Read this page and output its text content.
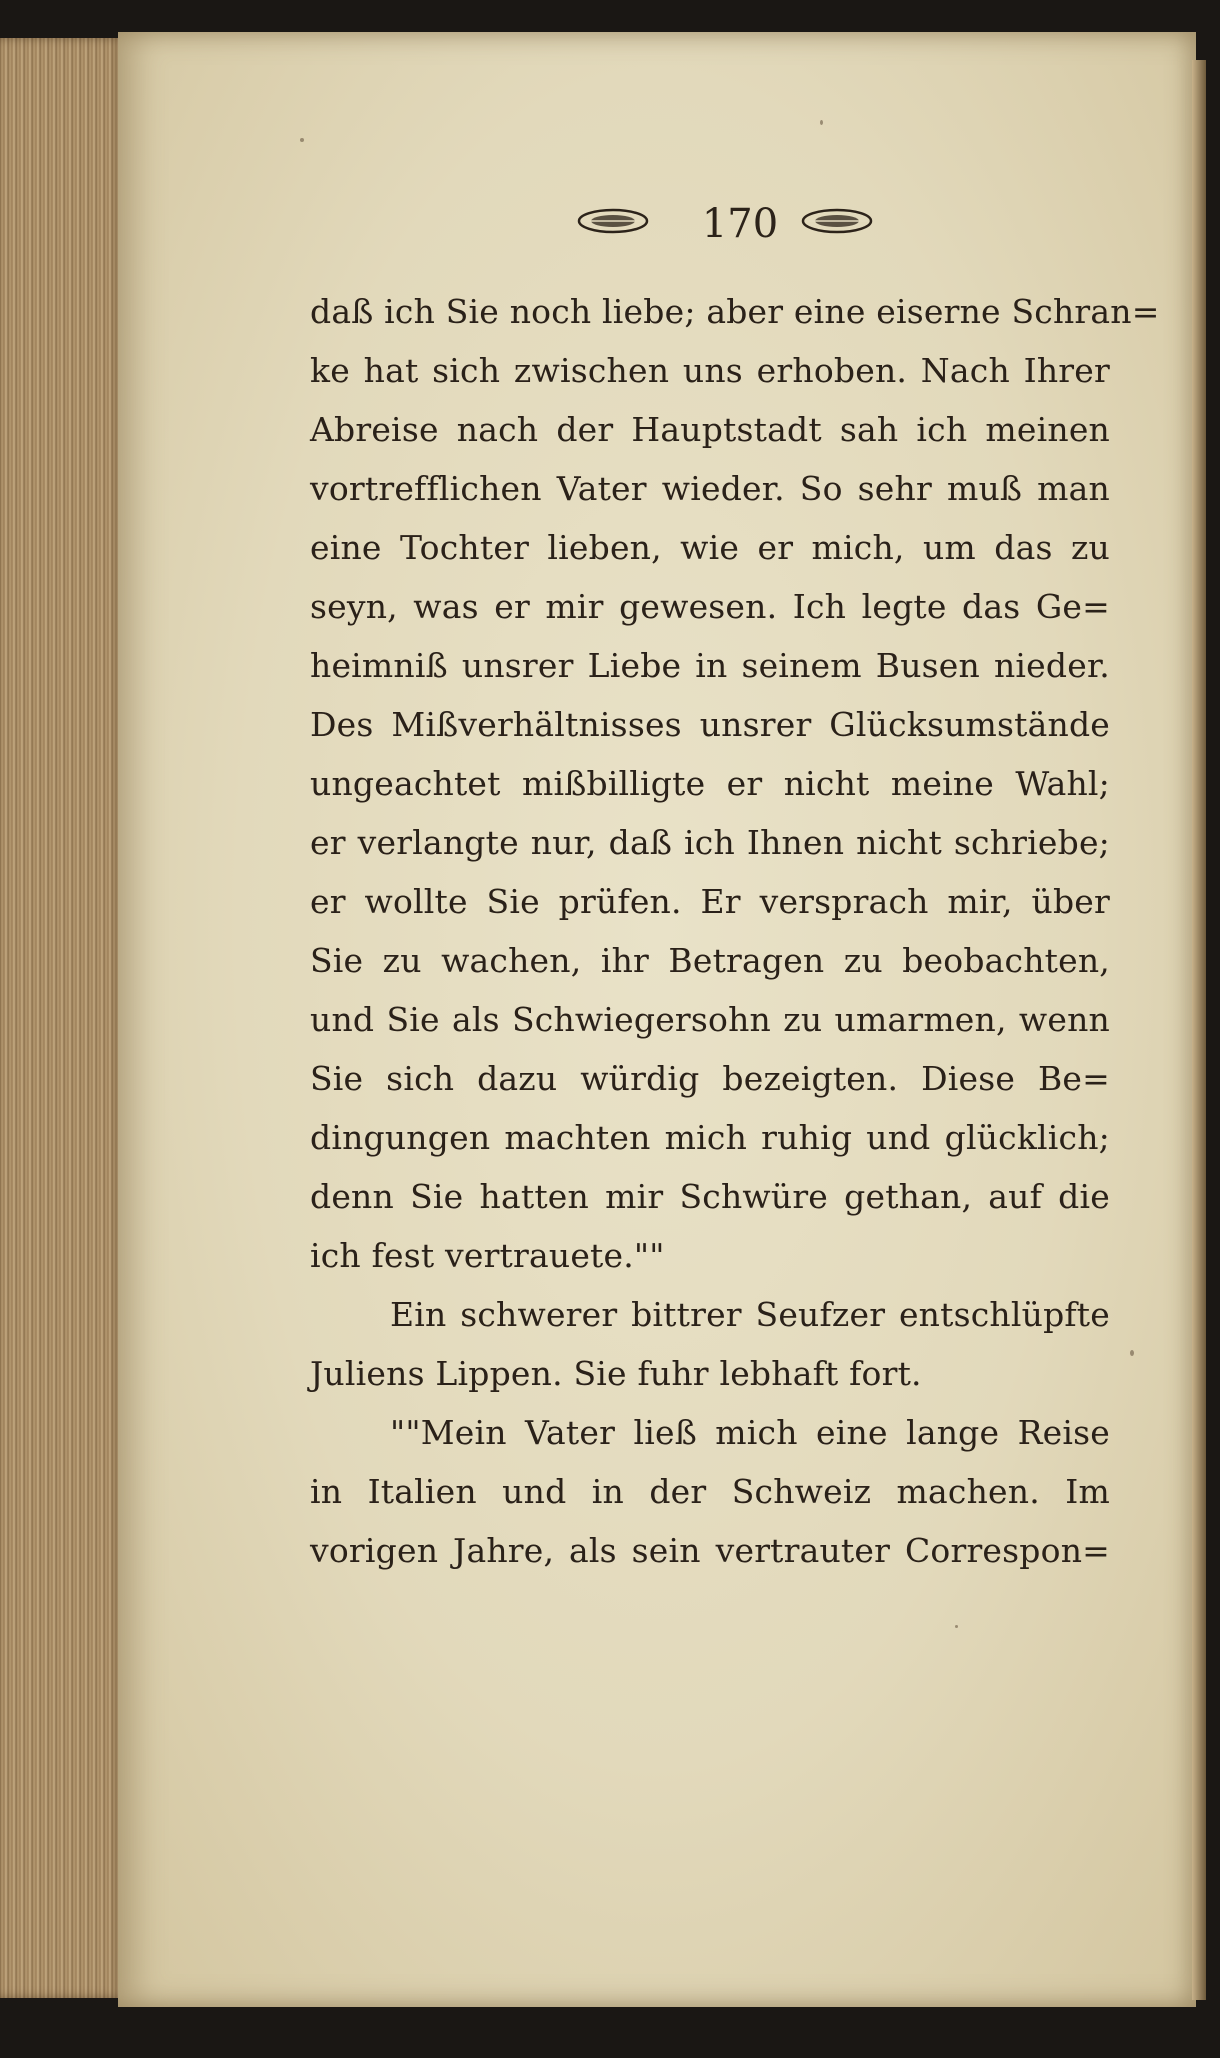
170
daß ich Sie noch liebe; aber eine eiserne Schran=
ke hat sich zwischen uns erhoben. Nach Ihrer
Abreise nach der Hauptstadt sah ich meinen
vortrefflichen Vater wieder. So sehr muß man
eine Tochter lieben, wie er mich, um das zu
seyn, was er mir gewesen. Ich legte das Ge=
heimniß unsrer Liebe in seinem Busen nieder.
Des Mißverhältnisses unsrer Glücksumstände
ungeachtet mißbilligte er nicht meine Wahl;
er verlangte nur, daß ich Ihnen nicht schriebe;
er wollte Sie prüfen. Er versprach mir, über
Sie zu wachen, ihr Betragen zu beobachten,
und Sie als Schwiegersohn zu umarmen, wenn
Sie sich dazu würdig bezeigten. Diese Be=
dingungen machten mich ruhig und glücklich;
denn Sie hatten mir Schwüre gethan, auf die
ich fest vertrauete.""
Ein schwerer bittrer Seufzer entschlüpfte
Juliens Lippen. Sie fuhr lebhaft fort.
""Mein Vater ließ mich eine lange Reise
in Italien und in der Schweiz machen. Im
vorigen Jahre, als sein vertrauter Correspon=
